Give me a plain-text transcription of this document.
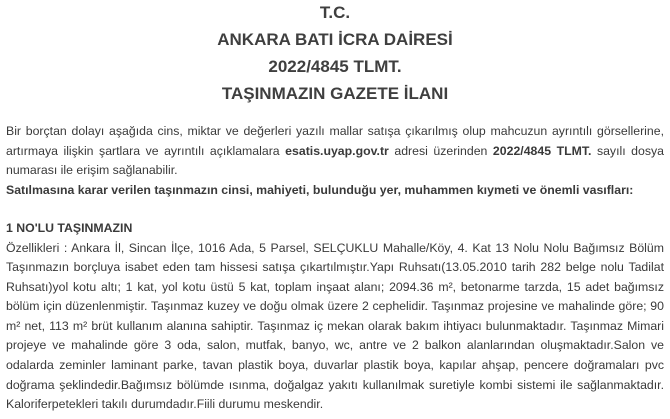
T.C.
ANKARA BATI İCRA DAİRESİ
2022/4845 TLMT.
TAŞINMAZIN GAZETE İLANI
Bir borçtan dolayı aşağıda cins, miktar ve değerleri yazılı mallar satışa çıkarılmış olup mahcuzun ayrıntılı görsellerine, artırmaya ilişkin şartlara ve ayrıntılı açıklamalara esatis.uyap.gov.tr adresi üzerinden 2022/4845 TLMT. sayılı dosya numarası ile erişim sağlanabilir.
Satılmasına karar verilen taşınmazın cinsi, mahiyeti, bulunduğu yer, muhammen kıymeti ve önemli vasıfları:
1 NO'LU TAŞINMAZIN
Özellikleri : Ankara İl, Sincan İlçe, 1016 Ada, 5 Parsel, SELÇUKLU Mahalle/Köy, 4. Kat 13 Nolu Nolu Bağımsız Bölüm Taşınmazın borçluya isabet eden tam hissesi satışa çıkartılmıştır.Yapı Ruhsatı(13.05.2010 tarih 282 belge nolu Tadilat Ruhsatı)yol kotu altı; 1 kat, yol kotu üstü 5 kat, toplam inşaat alanı; 2094.36 m², betonarme tarzda, 15 adet bağımsız bölüm için düzenlenmiştir. Taşınmaz kuzey ve doğu olmak üzere 2 cephelidir. Taşınmaz projesine ve mahalinde göre; 90 m² net, 113 m² brüt kullanım alanına sahiptir. Taşınmaz iç mekan olarak bakım ihtiyacı bulunmaktadır. Taşınmaz Mimari projeye ve mahalinde göre 3 oda, salon, mutfak, banyo, wc, antre ve 2 balkon alanlarından oluşmaktadır.Salon ve odalarda zeminler laminant parke, tavan plastik boya, duvarlar plastik boya, kapılar ahşap, pencere doğramaları pvc doğrama şeklindedir.Bağımsız bölümde ısınma, doğalgaz yakıtı kullanılmak suretiyle kombi sistemi ile sağlanmaktadır. Kaloriferpetekleri takılı durumdadır.Fiili durumu meskendir.
